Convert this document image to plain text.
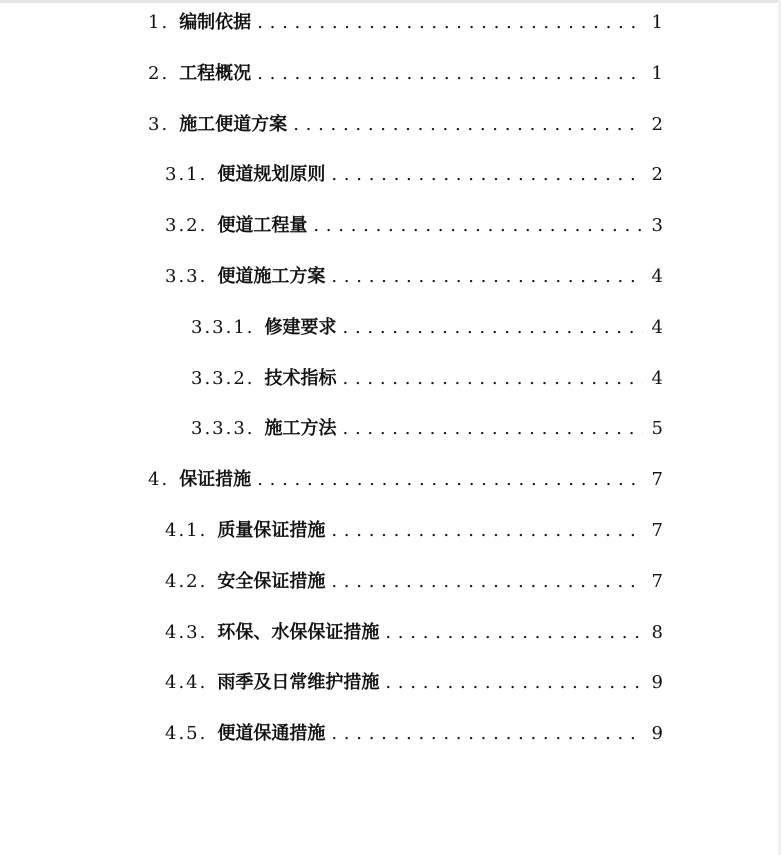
1. 编制依据 . . .	1
2. 工程概况 . . .	1
3. 施工便道方案 . . .	2
3.1. 便道规划原则 . . .	2
3.2. 便道工程量 . . .	3
3.3. 便道施工方案 . . .	4
3.3.1. 修建要求 . . .	4
3.3.2. 技术指标 . . .	4
3.3.3. 施工方法 . . .	5
4. 保证措施 . . .	7
4.1. 质量保证措施 . . .	7
4.2. 安全保证措施 . . .	7
4.3. 环保、水保保证措施 . . .	8
4.4. 雨季及日常维护措施 . . .	9
4.5. 便道保通措施 . . .	9
